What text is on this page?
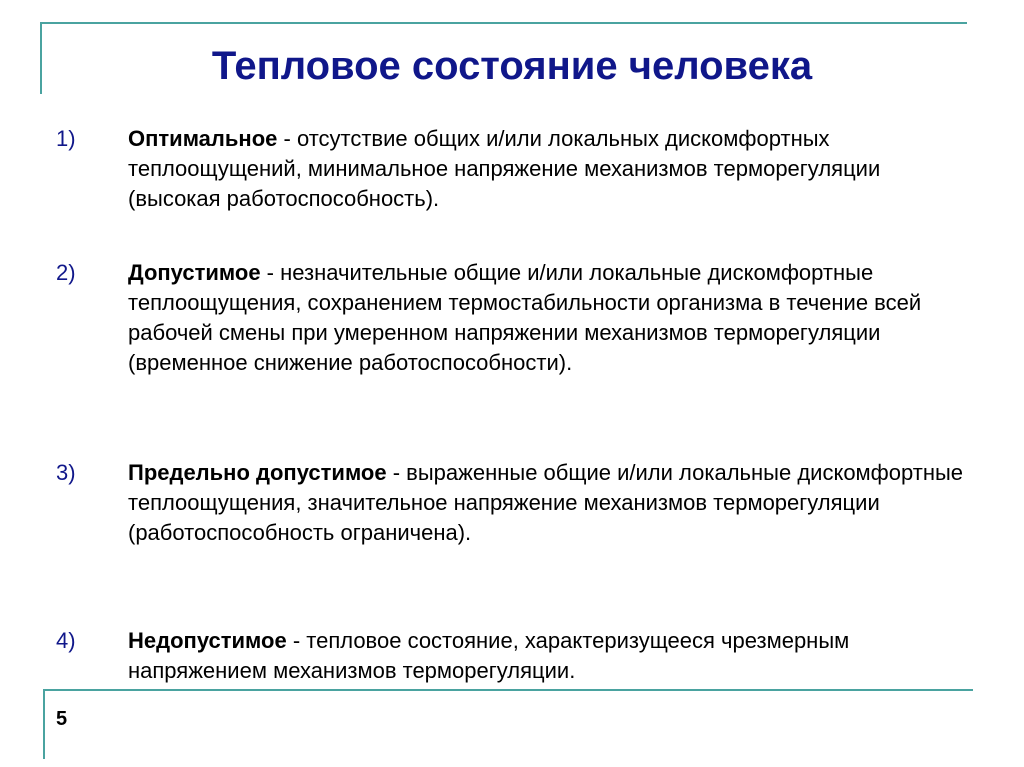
Тепловое состояние человека
1) Оптимальное - отсутствие общих и/или локальных дискомфортных теплоощущений, минимальное напряжение механизмов терморегуляции (высокая работоспособность).
2) Допустимое - незначительные общие и/или локальные дискомфортные теплоощущения, сохранением термостабильности организма в течение всей рабочей смены при умеренном напряжении механизмов терморегуляции (временное снижение работоспособности).
3) Предельно допустимое - выраженные общие и/или локальные дискомфортные теплоощущения, значительное напряжение механизмов терморегуляции (работоспособность ограничена).
4) Недопустимое - тепловое состояние, характеризущееся чрезмерным напряжением механизмов терморегуляции.
5
